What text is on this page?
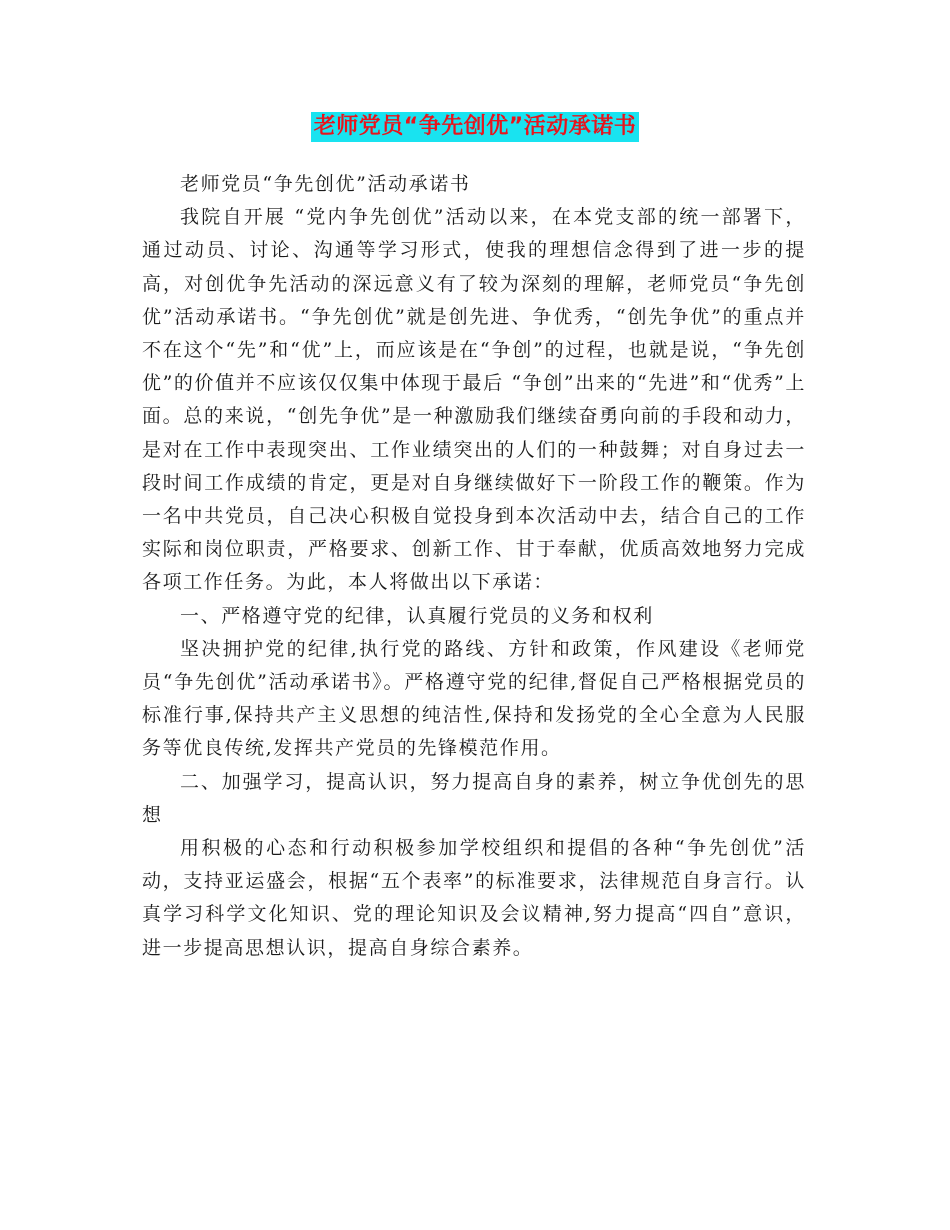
老师党员“争先创优”活动承诺书

老师党员“争先创优”活动承诺书

我院自开展 “党内争先创优”活动以来，在本党支部的统一部署下，通过动员、讨论、沟通等学习形式，使我的理想信念得到了进一步的提高，对创优争先活动的深远意义有了较为深刻的理解，老师党员“争先创优”活动承诺书。“争先创优”就是创先进、争优秀，“创先争优”的重点并不在这个“先”和“优”上，而应该是在“争创”的过程，也就是说，“争先创优”的价值并不应该仅仅集中体现于最后 “争创”出来的“先进”和“优秀”上面。总的来说，“创先争优”是一种激励我们继续奋勇向前的手段和动力，是对在工作中表现突出、工作业绩突出的人们的一种鼓舞；对自身过去一段时间工作成绩的肯定，更是对自身继续做好下一阶段工作的鞭策。作为一名中共党员，自己决心积极自觉投身到本次活动中去，结合自己的工作实际和岗位职责，严格要求、创新工作、甘于奉献，优质高效地努力完成各项工作任务。为此，本人将做出以下承诺：

一、严格遵守党的纪律，认真履行党员的义务和权利

坚决拥护党的纪律,执行党的路线、方针和政策，作风建设《老师党员“争先创优”活动承诺书》。严格遵守党的纪律,督促自己严格根据党员的标准行事,保持共产主义思想的纯洁性,保持和发扬党的全心全意为人民服务等优良传统,发挥共产党员的先锋模范作用。

二、加强学习，提高认识，努力提高自身的素养，树立争优创先的思想

用积极的心态和行动积极参加学校组织和提倡的各种“争先创优”活动，支持亚运盛会，根据“五个表率”的标准要求，法律规范自身言行。认真学习科学文化知识、党的理论知识及会议精神,努力提高“四自”意识，进一步提高思想认识，提高自身综合素养。
